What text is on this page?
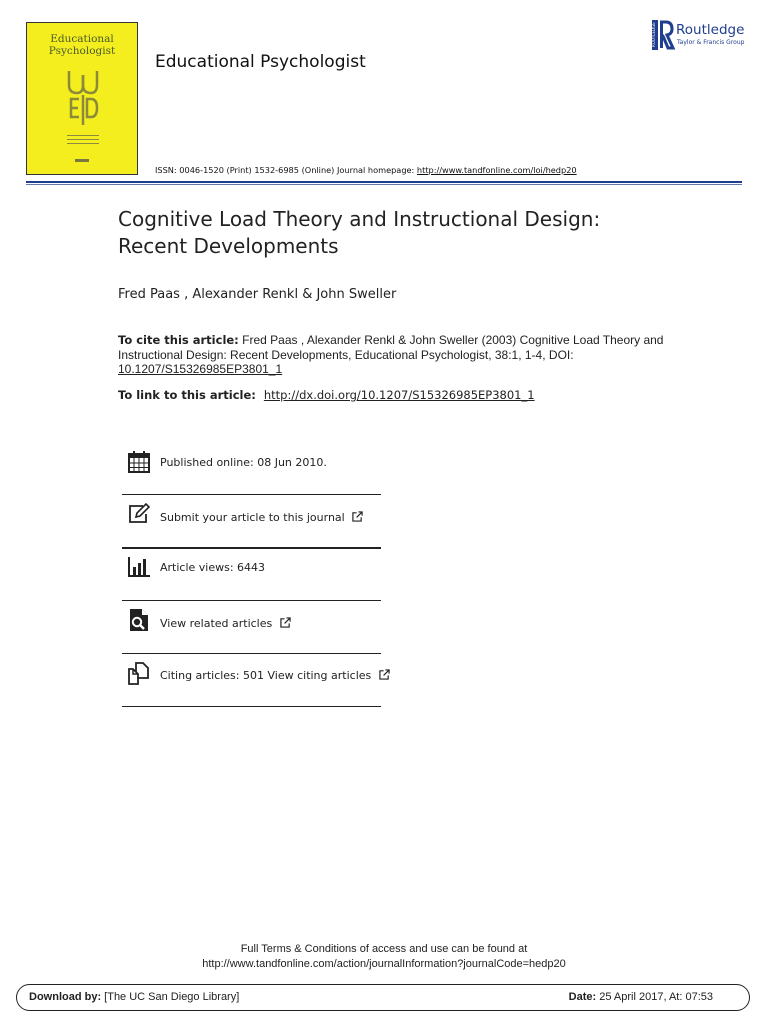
Educational
Psychologist
Educational Psychologist
ROUTLEDGE Routledge
Taylor & Francis Group
ISSN: 0046-1520 (Print) 1532-6985 (Online) Journal homepage: http://www.tandfonline.com/loi/hedp20
Cognitive Load Theory and Instructional Design:
Recent Developments
Fred Paas , Alexander Renkl & John Sweller
To cite this article: Fred Paas , Alexander Renkl & John Sweller (2003) Cognitive Load Theory and Instructional Design: Recent Developments, Educational Psychologist, 38:1, 1-4, DOI: 10.1207/S15326985EP3801_1
To link to this article: http://dx.doi.org/10.1207/S15326985EP3801_1
Published online: 08 Jun 2010.
Submit your article to this journal
Article views: 6443
View related articles
Citing articles: 501 View citing articles
Full Terms & Conditions of access and use can be found at
http://www.tandfonline.com/action/journalInformation?journalCode=hedp20
Download by: [The UC San Diego Library]	Date: 25 April 2017, At: 07:53
